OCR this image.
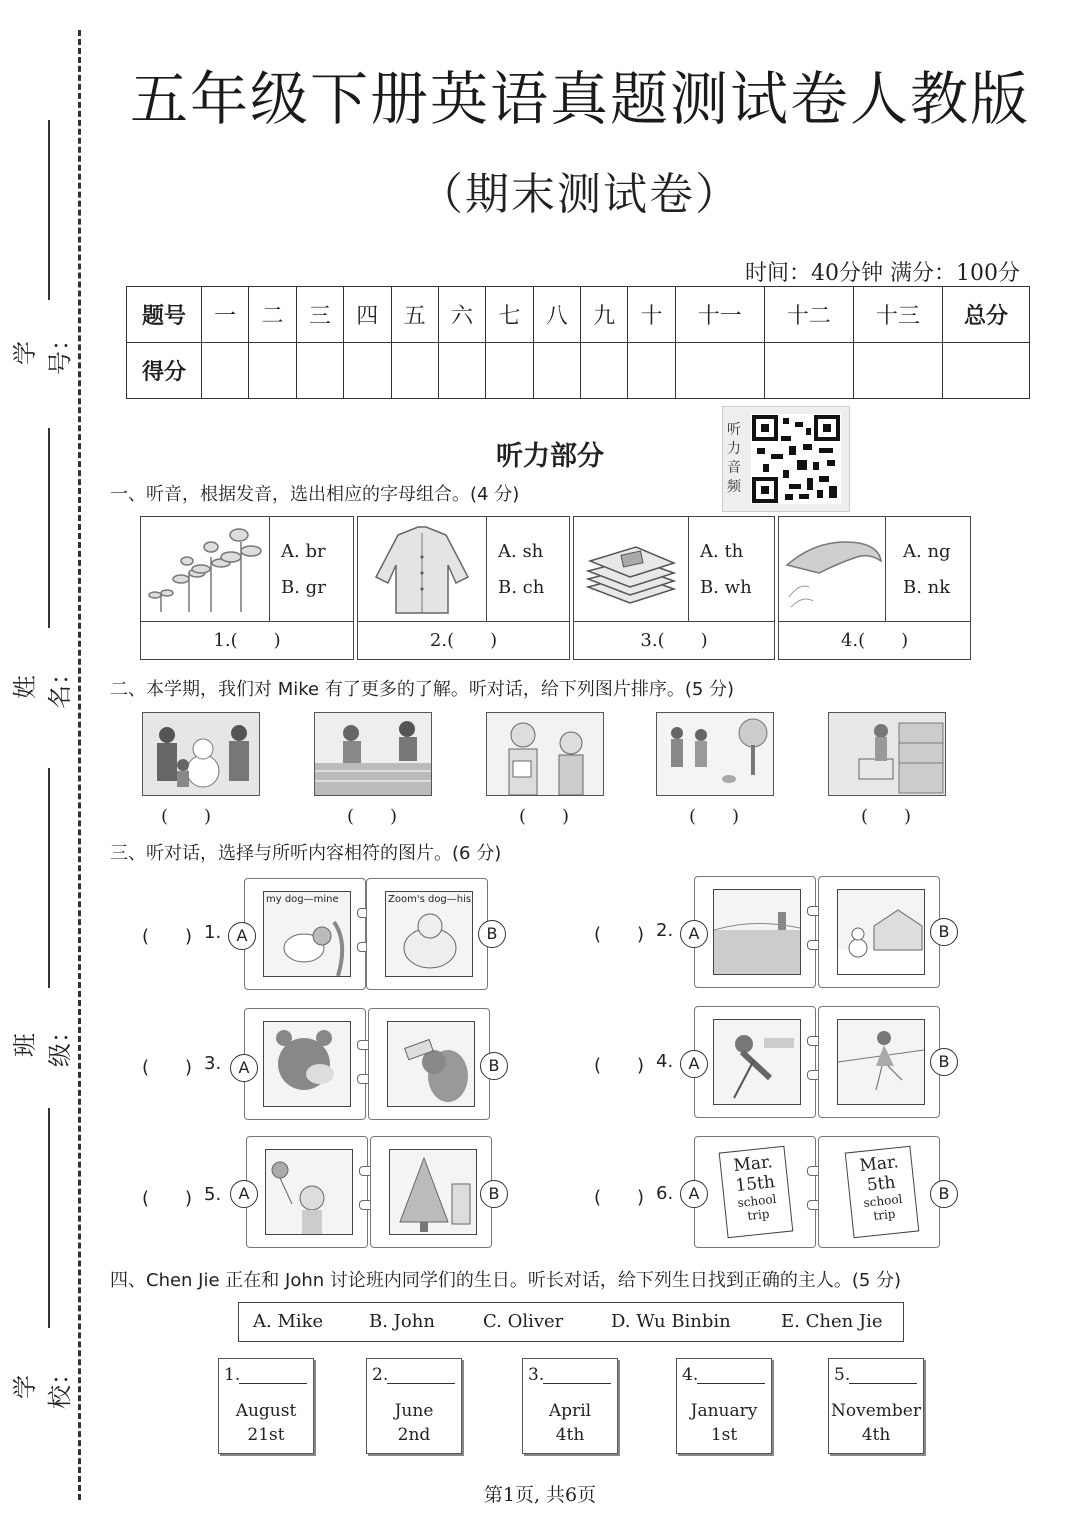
学号：
姓名：
班级：
学校：
五年级下册英语真题测试卷人教版
（期末测试卷）
时间：40分钟 满分：100分
题号	一	二	三	四	五	六	七	八	九	十	十一	十二	十三	总分
得分														
听力部分
听力音频
一、听音，根据发音，选出相应的字母组合。(4 分)
A. br
B. gr
1.(　　)
A. sh
B. ch
2.(　　)
A. th
B. wh
3.(　　)
A. ng
B. nk
4.(　　)
二、本学期，我们对 Mike 有了更多的了解。听对话，给下列图片排序。(5 分)
(　　)	(　　)	(　　)	(　　)	(　　)
三、听对话，选择与所听内容相符的图片。(6 分)
(　　) 1.
my dog—mine
A
Zoom's dog—his
B	(　　) 2. A	B
(　　) 3.	A	B	(　　) 4. A	B
(　　) 5.	A	B	(　　) 6.
Mar.
15th
school
trip
A
Mar.
5th
school
trip
B
四、Chen Jie 正在和 John 讨论班内同学们的生日。听长对话，给下列生日找到正确的主人。(5 分)
A. Mike	B. John	C. Oliver	D. Wu Binbin	E. Chen Jie
1.
August
21st
2.
June
2nd
3.
April
4th
4.
January
1st
5.
November
4th
第1页, 共6页
